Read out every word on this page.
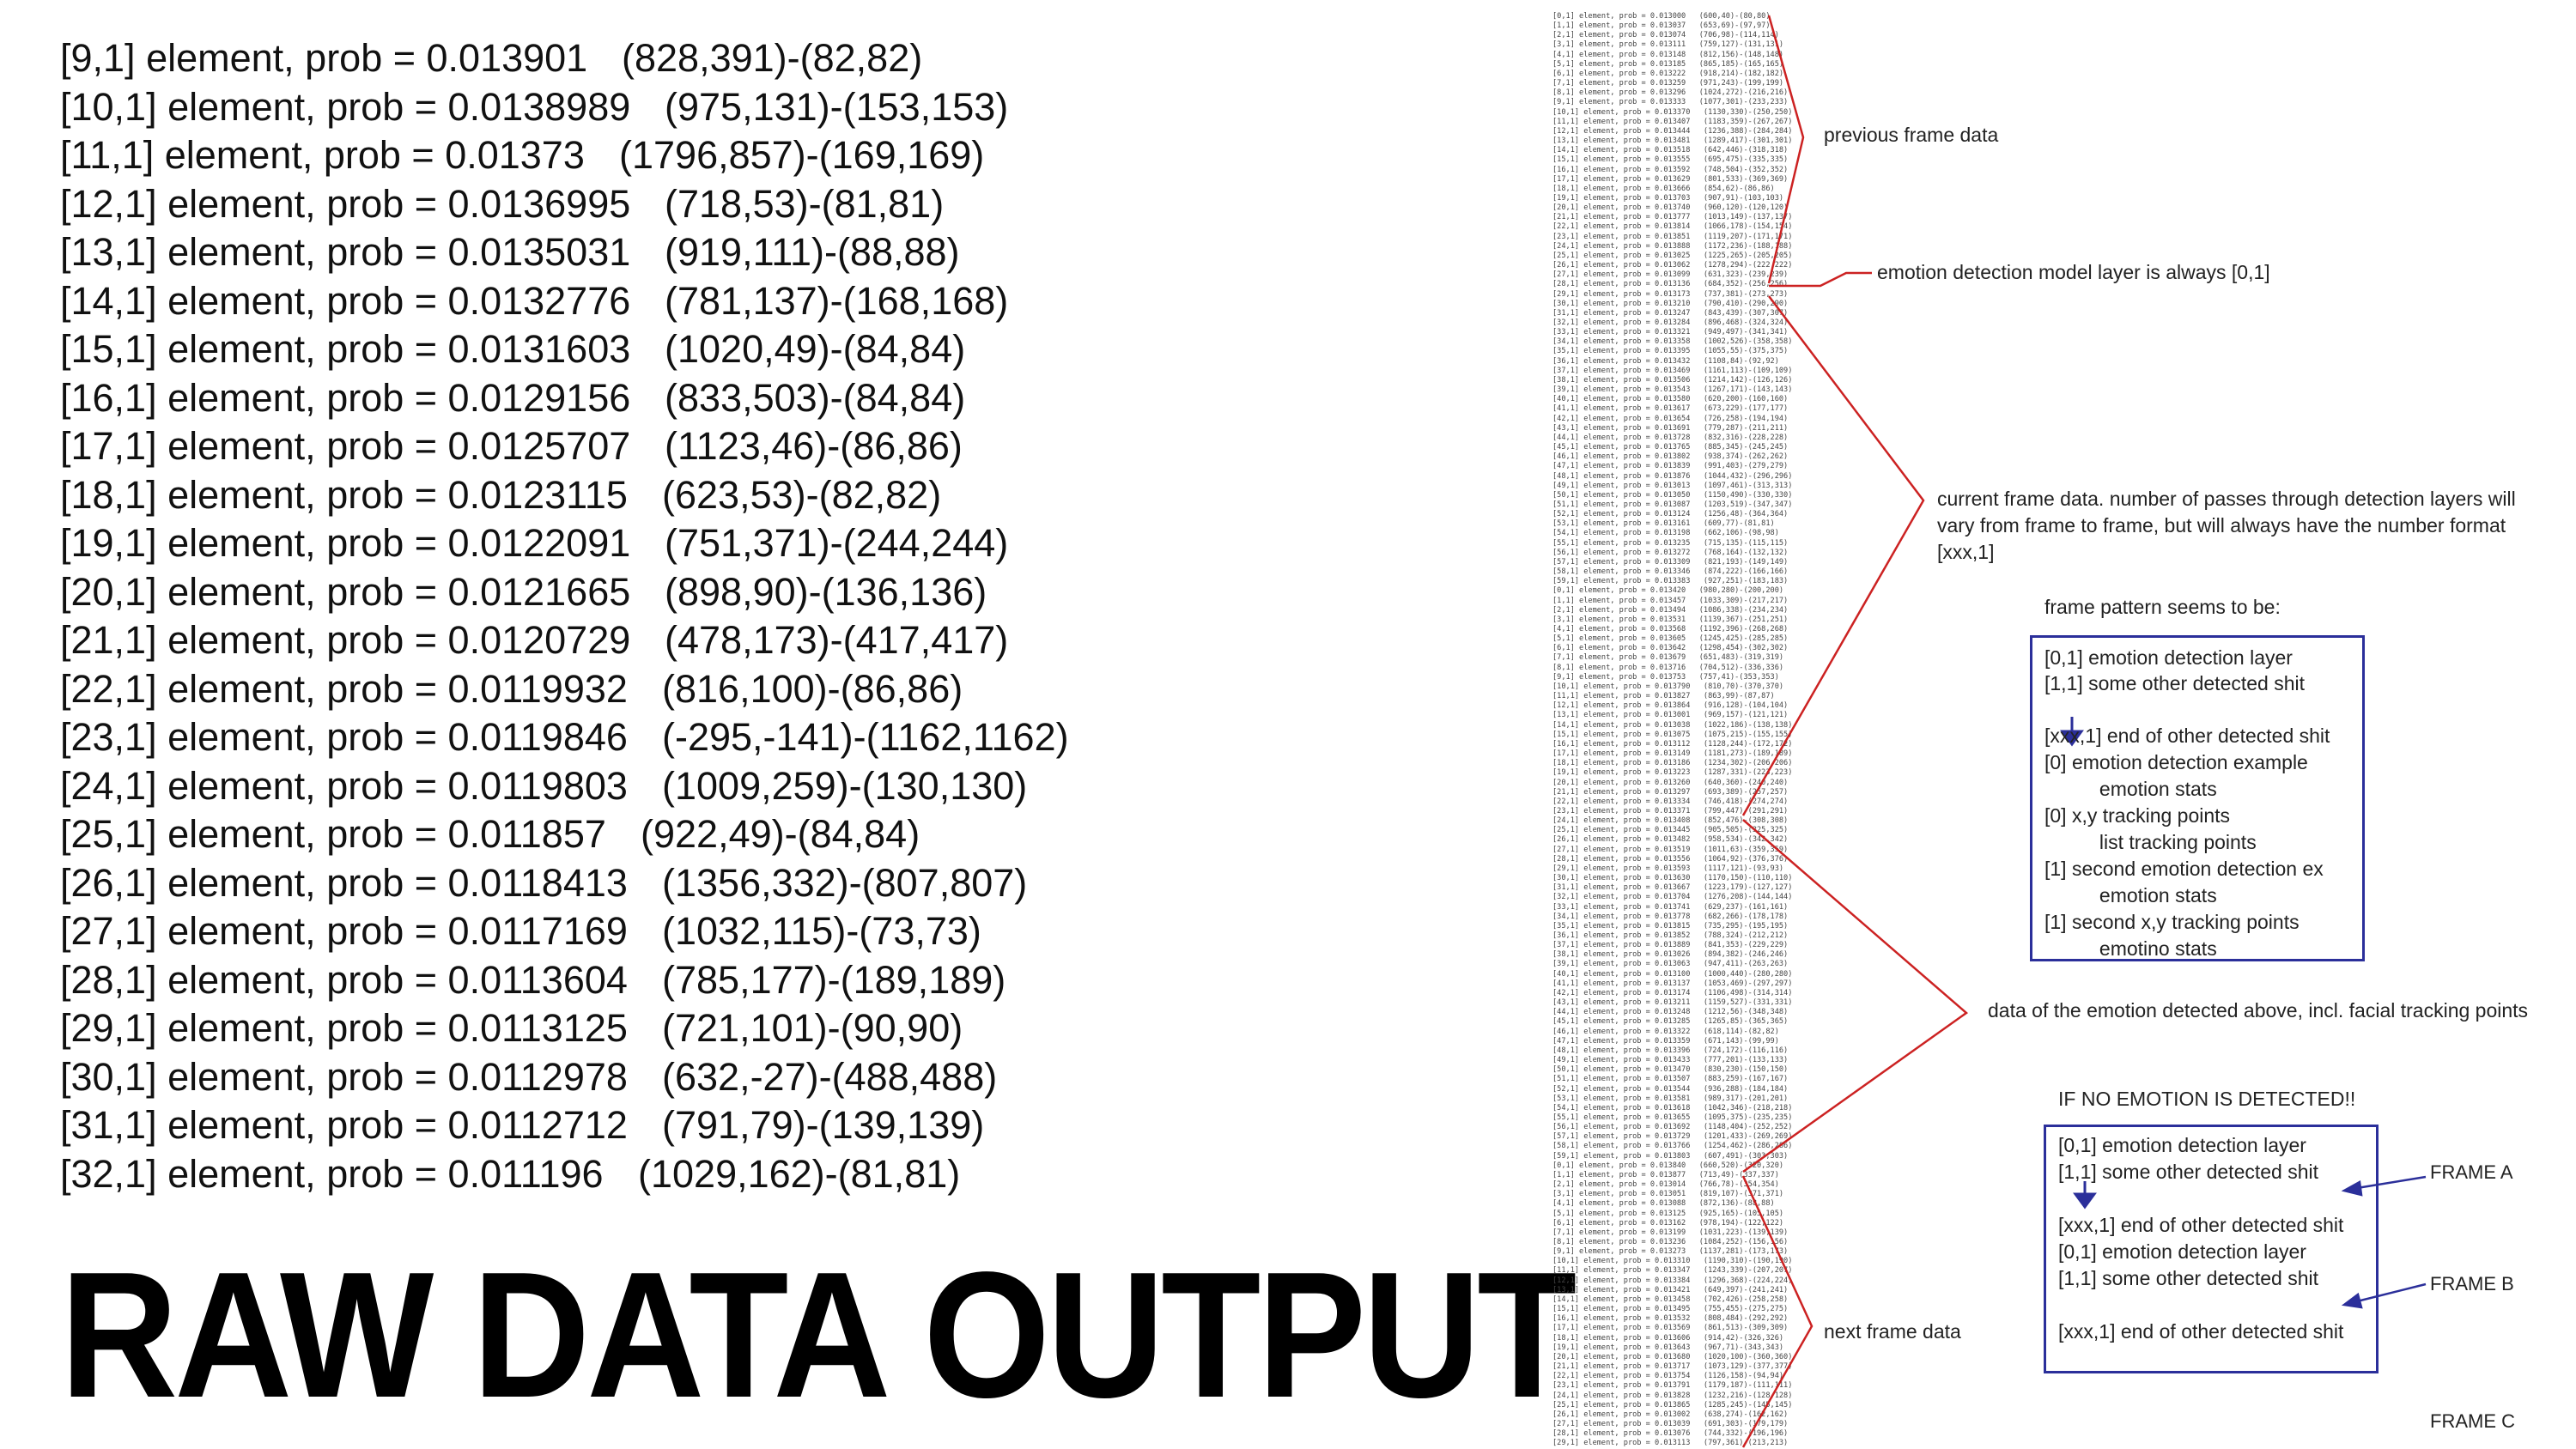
[9,1] element, prob = 0.013901 (828,391)-(82,82)
[10,1] element, prob = 0.0138989 (975,131)-(153,153)
[11,1] element, prob = 0.01373 (1796,857)-(169,169)
[12,1] element, prob = 0.0136995 (718,53)-(81,81)
[13,1] element, prob = 0.0135031 (919,111)-(88,88)
[14,1] element, prob = 0.0132776 (781,137)-(168,168)
[15,1] element, prob = 0.0131603 (1020,49)-(84,84)
[16,1] element, prob = 0.0129156 (833,503)-(84,84)
[17,1] element, prob = 0.0125707 (1123,46)-(86,86)
[18,1] element, prob = 0.0123115 (623,53)-(82,82)
[19,1] element, prob = 0.0122091 (751,371)-(244,244)
[20,1] element, prob = 0.0121665 (898,90)-(136,136)
[21,1] element, prob = 0.0120729 (478,173)-(417,417)
[22,1] element, prob = 0.0119932 (816,100)-(86,86)
[23,1] element, prob = 0.0119846 (-295,-141)-(1162,1162)
[24,1] element, prob = 0.0119803 (1009,259)-(130,130)
[25,1] element, prob = 0.011857 (922,49)-(84,84)
[26,1] element, prob = 0.0118413 (1356,332)-(807,807)
[27,1] element, prob = 0.0117169 (1032,115)-(73,73)
[28,1] element, prob = 0.0113604 (785,177)-(189,189)
[29,1] element, prob = 0.0113125 (721,101)-(90,90)
[30,1] element, prob = 0.0112978 (632,-27)-(488,488)
[31,1] element, prob = 0.0112712 (791,79)-(139,139)
[32,1] element, prob = 0.011196 (1029,162)-(81,81)
RAW DATA OUTPUT
[0,1] element, prob = 0.013000   (600,40)-(80,80)
[1,1] element, prob = 0.013037   (653,69)-(97,97)
[2,1] element, prob = 0.013074   (706,98)-(114,114)
[3,1] element, prob = 0.013111   (759,127)-(131,131)
[4,1] element, prob = 0.013148   (812,156)-(148,148)
[5,1] element, prob = 0.013185   (865,185)-(165,165)
[6,1] element, prob = 0.013222   (918,214)-(182,182)
[7,1] element, prob = 0.013259   (971,243)-(199,199)
[8,1] element, prob = 0.013296   (1024,272)-(216,216)
[9,1] element, prob = 0.013333   (1077,301)-(233,233)
[10,1] element, prob = 0.013370   (1130,330)-(250,250)
[11,1] element, prob = 0.013407   (1183,359)-(267,267)
[12,1] element, prob = 0.013444   (1236,388)-(284,284)
[13,1] element, prob = 0.013481   (1289,417)-(301,301)
[14,1] element, prob = 0.013518   (642,446)-(318,318)
[15,1] element, prob = 0.013555   (695,475)-(335,335)
[16,1] element, prob = 0.013592   (748,504)-(352,352)
[17,1] element, prob = 0.013629   (801,533)-(369,369)
[18,1] element, prob = 0.013666   (854,62)-(86,86)
[19,1] element, prob = 0.013703   (907,91)-(103,103)
[20,1] element, prob = 0.013740   (960,120)-(120,120)
[21,1] element, prob = 0.013777   (1013,149)-(137,137)
[22,1] element, prob = 0.013814   (1066,178)-(154,154)
[23,1] element, prob = 0.013851   (1119,207)-(171,171)
[24,1] element, prob = 0.013888   (1172,236)-(188,188)
[25,1] element, prob = 0.013025   (1225,265)-(205,205)
[26,1] element, prob = 0.013062   (1278,294)-(222,222)
[27,1] element, prob = 0.013099   (631,323)-(239,239)
[28,1] element, prob = 0.013136   (684,352)-(256,256)
[29,1] element, prob = 0.013173   (737,381)-(273,273)
[30,1] element, prob = 0.013210   (790,410)-(290,290)
[31,1] element, prob = 0.013247   (843,439)-(307,307)
[32,1] element, prob = 0.013284   (896,468)-(324,324)
[33,1] element, prob = 0.013321   (949,497)-(341,341)
[34,1] element, prob = 0.013358   (1002,526)-(358,358)
[35,1] element, prob = 0.013395   (1055,55)-(375,375)
[36,1] element, prob = 0.013432   (1108,84)-(92,92)
[37,1] element, prob = 0.013469   (1161,113)-(109,109)
[38,1] element, prob = 0.013506   (1214,142)-(126,126)
[39,1] element, prob = 0.013543   (1267,171)-(143,143)
[40,1] element, prob = 0.013580   (620,200)-(160,160)
[41,1] element, prob = 0.013617   (673,229)-(177,177)
[42,1] element, prob = 0.013654   (726,258)-(194,194)
[43,1] element, prob = 0.013691   (779,287)-(211,211)
[44,1] element, prob = 0.013728   (832,316)-(228,228)
[45,1] element, prob = 0.013765   (885,345)-(245,245)
[46,1] element, prob = 0.013802   (938,374)-(262,262)
[47,1] element, prob = 0.013839   (991,403)-(279,279)
[48,1] element, prob = 0.013876   (1044,432)-(296,296)
[49,1] element, prob = 0.013013   (1097,461)-(313,313)
[50,1] element, prob = 0.013050   (1150,490)-(330,330)
[51,1] element, prob = 0.013087   (1203,519)-(347,347)
[52,1] element, prob = 0.013124   (1256,48)-(364,364)
[53,1] element, prob = 0.013161   (609,77)-(81,81)
[54,1] element, prob = 0.013198   (662,106)-(98,98)
[55,1] element, prob = 0.013235   (715,135)-(115,115)
[56,1] element, prob = 0.013272   (768,164)-(132,132)
[57,1] element, prob = 0.013309   (821,193)-(149,149)
[58,1] element, prob = 0.013346   (874,222)-(166,166)
[59,1] element, prob = 0.013383   (927,251)-(183,183)
[0,1] element, prob = 0.013420   (980,280)-(200,200)
[1,1] element, prob = 0.013457   (1033,309)-(217,217)
[2,1] element, prob = 0.013494   (1086,338)-(234,234)
[3,1] element, prob = 0.013531   (1139,367)-(251,251)
[4,1] element, prob = 0.013568   (1192,396)-(268,268)
[5,1] element, prob = 0.013605   (1245,425)-(285,285)
[6,1] element, prob = 0.013642   (1298,454)-(302,302)
[7,1] element, prob = 0.013679   (651,483)-(319,319)
[8,1] element, prob = 0.013716   (704,512)-(336,336)
[9,1] element, prob = 0.013753   (757,41)-(353,353)
[10,1] element, prob = 0.013790   (810,70)-(370,370)
[11,1] element, prob = 0.013827   (863,99)-(87,87)
[12,1] element, prob = 0.013864   (916,128)-(104,104)
[13,1] element, prob = 0.013001   (969,157)-(121,121)
[14,1] element, prob = 0.013038   (1022,186)-(138,138)
[15,1] element, prob = 0.013075   (1075,215)-(155,155)
[16,1] element, prob = 0.013112   (1128,244)-(172,172)
[17,1] element, prob = 0.013149   (1181,273)-(189,189)
[18,1] element, prob = 0.013186   (1234,302)-(206,206)
[19,1] element, prob = 0.013223   (1287,331)-(223,223)
[20,1] element, prob = 0.013260   (640,360)-(240,240)
[21,1] element, prob = 0.013297   (693,389)-(257,257)
[22,1] element, prob = 0.013334   (746,418)-(274,274)
[23,1] element, prob = 0.013371   (799,447)-(291,291)
[24,1] element, prob = 0.013408   (852,476)-(308,308)
[25,1] element, prob = 0.013445   (905,505)-(325,325)
[26,1] element, prob = 0.013482   (958,534)-(342,342)
[27,1] element, prob = 0.013519   (1011,63)-(359,359)
[28,1] element, prob = 0.013556   (1064,92)-(376,376)
[29,1] element, prob = 0.013593   (1117,121)-(93,93)
[30,1] element, prob = 0.013630   (1170,150)-(110,110)
[31,1] element, prob = 0.013667   (1223,179)-(127,127)
[32,1] element, prob = 0.013704   (1276,208)-(144,144)
[33,1] element, prob = 0.013741   (629,237)-(161,161)
[34,1] element, prob = 0.013778   (682,266)-(178,178)
[35,1] element, prob = 0.013815   (735,295)-(195,195)
[36,1] element, prob = 0.013852   (788,324)-(212,212)
[37,1] element, prob = 0.013889   (841,353)-(229,229)
[38,1] element, prob = 0.013026   (894,382)-(246,246)
[39,1] element, prob = 0.013063   (947,411)-(263,263)
[40,1] element, prob = 0.013100   (1000,440)-(280,280)
[41,1] element, prob = 0.013137   (1053,469)-(297,297)
[42,1] element, prob = 0.013174   (1106,498)-(314,314)
[43,1] element, prob = 0.013211   (1159,527)-(331,331)
[44,1] element, prob = 0.013248   (1212,56)-(348,348)
[45,1] element, prob = 0.013285   (1265,85)-(365,365)
[46,1] element, prob = 0.013322   (618,114)-(82,82)
[47,1] element, prob = 0.013359   (671,143)-(99,99)
[48,1] element, prob = 0.013396   (724,172)-(116,116)
[49,1] element, prob = 0.013433   (777,201)-(133,133)
[50,1] element, prob = 0.013470   (830,230)-(150,150)
[51,1] element, prob = 0.013507   (883,259)-(167,167)
[52,1] element, prob = 0.013544   (936,288)-(184,184)
[53,1] element, prob = 0.013581   (989,317)-(201,201)
[54,1] element, prob = 0.013618   (1042,346)-(218,218)
[55,1] element, prob = 0.013655   (1095,375)-(235,235)
[56,1] element, prob = 0.013692   (1148,404)-(252,252)
[57,1] element, prob = 0.013729   (1201,433)-(269,269)
[58,1] element, prob = 0.013766   (1254,462)-(286,286)
[59,1] element, prob = 0.013803   (607,491)-(303,303)
[0,1] element, prob = 0.013840   (660,520)-(320,320)
[1,1] element, prob = 0.013877   (713,49)-(337,337)
[2,1] element, prob = 0.013014   (766,78)-(354,354)
[3,1] element, prob = 0.013051   (819,107)-(371,371)
[4,1] element, prob = 0.013088   (872,136)-(88,88)
[5,1] element, prob = 0.013125   (925,165)-(105,105)
[6,1] element, prob = 0.013162   (978,194)-(122,122)
[7,1] element, prob = 0.013199   (1031,223)-(139,139)
[8,1] element, prob = 0.013236   (1084,252)-(156,156)
[9,1] element, prob = 0.013273   (1137,281)-(173,173)
[10,1] element, prob = 0.013310   (1190,310)-(190,190)
[11,1] element, prob = 0.013347   (1243,339)-(207,207)
[12,1] element, prob = 0.013384   (1296,368)-(224,224)
[13,1] element, prob = 0.013421   (649,397)-(241,241)
[14,1] element, prob = 0.013458   (702,426)-(258,258)
[15,1] element, prob = 0.013495   (755,455)-(275,275)
[16,1] element, prob = 0.013532   (808,484)-(292,292)
[17,1] element, prob = 0.013569   (861,513)-(309,309)
[18,1] element, prob = 0.013606   (914,42)-(326,326)
[19,1] element, prob = 0.013643   (967,71)-(343,343)
[20,1] element, prob = 0.013680   (1020,100)-(360,360)
[21,1] element, prob = 0.013717   (1073,129)-(377,377)
[22,1] element, prob = 0.013754   (1126,158)-(94,94)
[23,1] element, prob = 0.013791   (1179,187)-(111,111)
[24,1] element, prob = 0.013828   (1232,216)-(128,128)
[25,1] element, prob = 0.013865   (1285,245)-(145,145)
[26,1] element, prob = 0.013002   (638,274)-(162,162)
[27,1] element, prob = 0.013039   (691,303)-(179,179)
[28,1] element, prob = 0.013076   (744,332)-(196,196)
[29,1] element, prob = 0.013113   (797,361)-(213,213)

previous frame data
emotion detection model layer is always [0,1]
current frame data. number of passes through detection layers will vary from frame to frame, but will always have the number format [xxx,1]
frame pattern seems to be:
data of the emotion detected above, incl. facial tracking points
next frame data
IF NO EMOTION IS DETECTED!!
[0,1] emotion detection layer
[1,1] some other detected shit
[xxx,1] end of other detected shit
[0] emotion detection example
emotion stats
[0] x,y tracking points
list tracking points
[1] second emotion detection ex
emotion stats
[1] second x,y tracking points
emotino stats
[0,1] emotion detection layer
[1,1] some other detected shit
[xxx,1] end of other detected shit
[0,1] emotion detection layer
[1,1] some other detected shit
[xxx,1] end of other detected shit
FRAME A
FRAME B
FRAME C
